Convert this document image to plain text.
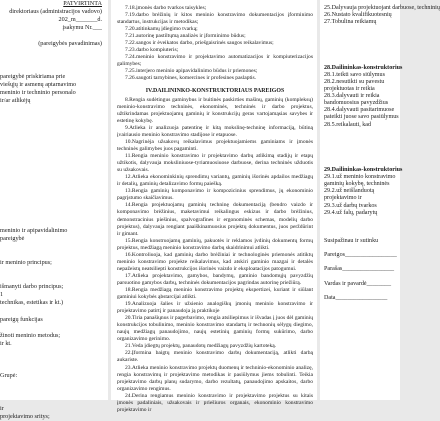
PATVIRTINTA
direktoriaus (administracijos vadovo)
202_m_______d.
įsakymu Nr.___

(pareigybės pavadinimas)

pareigybė priskiriama prie
viešųjų ir asmenų aptarnavimo
meninio ir techninio personalo
ir/ar atlikėjų

meninio ir apipavidalinimo
pareigybė

ir meninio principus;

išmanyti darbo principus;
1
technikas, estetikas ir kt.)

pareigų funkcijas

žinoti meninio metodus;
ir kt.

Grupė:

ir
projektavimo sritys;
7.18.įmonės darbo tvarkos taisykles;
7.19.darbo brėžinių ir kitos meninio konstravimo dokumentacijos įforminimo standartus, instrukcijas ir metodikas;
7.20.atitinkamų įdiegimo tvarką;
7.21.autorinę pastiltųmą analizės ir įforminimo būdus;
7.22.sangos ir ėveikatos darbo, priešgaisrinės saugos reikalavimus;
7.23.darbo kompiuteris;
7.24.meninio konstravimo ir projektavimo automatizacijos ir kompiuterizacijos galimybes;
7.25.interjero meninio apipavidalinimo būdus ir priemones;
7.26.saugoti tarnybines, komercines ir profesines paslaptis.
IV.DAILININKO-KONSTRUKTORIAUS PAREIGOS
8.Rengia sudėtingus gaminybus ir buitinės paskirties mašinų, gaminių (kompleksų) meninio-konstravimo techninės, ekonominės, techninės ir darbo projektus, užtikrindamas projektuojamų gaminių ir konstrukcijų geras vartojamąsias savybes ir estetinę kokybę.
9.Atlieka ir analizuoja patentinę ir kitą mokslinę-techninę informaciją, būtiną įvairiausio meninio konstravimo stadijose ir etapuose.
10.Nagrinėja užsakovų reikalavimus projektuojamiems gaminiams ir įmonės techninės galimybes juos pagaminti.
11.Rengia meninio konstravimo ir projektavimo darbų atlikimą stadijų ir etapų užtikotis, dalyvauja moksliniuose-tyriamuosiuose darbuose, derina techninės užduotis su užsakovais.
12.Atlieka ekonominkinių sprendimų variantų, gaminių išorinės apdailos medžiagų ir detalių, gaminių detalizavimo formų paiešką.
13.Rengia gaminių komponavimo ir kompozicinius sprendimus, jų ekonominio pagrįstumo skaičiavimus.
14.Rengia projektuojamų gaminių techninę dokumentaciją (bendro vaizdo ir komponavimo brėžinius, maketavimui reikalingus eskizus ir darbo brėžinius, demonstracinius piešinius, spalvografines ir ergonominės schemas, modelių darbo projektus), dalyvauja rengiant paaiškinamuosius projektų dokumentus, juos perždūrint ir gimant.
15.Rengia konstruojamų gaminių, pakuotės ir reklamos įvdinių dokumentų formų projektus, medžiagą meninio konstravimo darbų skaidrinimui atlikti.
16.Kontroliuoja, kad gaminių darbo brėžiniai ir technologinės priemonės atitiktų meninio konstravimo projekte reikalavimus, kad atskiri gaminio mazgai ir detalės nepažeistų neatsiliepti konstrukcijos išorinės vaizdo ir eksploatacijos patogumui.
17.Atlieka projektavimo, gamybos, bandymų, gaminio bandomųjų pavyzdžių parsuotino gamybos darbų, techninės dokumentacijos pagrindas autorinę priežiūrą.
18.Rengia medžiagą meninio konstravimo projektų ekspertizei, kuriant ir siūlant gaminiui kokybės ąbstarcijai atlikti.
19.Analizuoja šalies ir užsienio analogiškų įmonių meninio konstravimo ir projektavimo patirtį ir panaudoja ją praktikoje
20.Tiria panašiųnus ir pagerbavimo, rengia atsiliepimus ir išvadas į juos dėl gaminių konstrukcijos tobulinimo, meninio konstravimo standartų ir technonių sėlygų diegimo, naujų medžiagų panaudojimo, naujų estetinių gaminių formų sukūrimo, darbo organizavimo gerinimo.
21.Veda įdiegtų projektų, panaudotų medžiagų pavyzdžių kartoteką.
22.Įformina baigtų meninio konstravimo darbų dokumentaciją, atlikti darbą aukariste.
23.Atlieka meninio konstravimo projektų duomenų ir techninio-ekonominio analizę, rengia konstravimų ir projektavimo metodikas ir pasiūlymus jiems tobulinti. Teikia projektavimo darbų planų sudarymo, darbo rezultatų, panaudojimo apskaitos, darbo organizavimo rengimus.
24.Derina rengiamus meninio konstravimo ir projektavimo projektus su kitais įmonės padaliniais, užsakovais ir priešiuros organais, ekonominio konstravimo projektavimo ir
25.Dalyvauja projektuojant darbuose, techninių
26.Nustato kvalifikuotesnių
27.Tobulina reikiamų

28.Dailininkas-konstruktorius
28.1.teikti savo siūlymus
28.2.nesutikti su pavestu
projektuotas ir reikia
28.3.dalyvauti ir reikia
bandomuosius pavyzdžius
28.4.dalyvauti pasitarimuose
pateikti juose savo pasiūlymus
28.5.reikalauti, kad

29.Dailininkas-konstruktorius
29.1.už meninio konstravimo
gaminių kokybę, techninės
29.2.už neišlanduotą
projektavimo ir
29.3.už darbų tvarkos
29.4.už falų, padarytų

Susipažinau ir sutinku

Pareigos_________________

Parašas_________________

Vardas ir pavardė________

Data_________________
